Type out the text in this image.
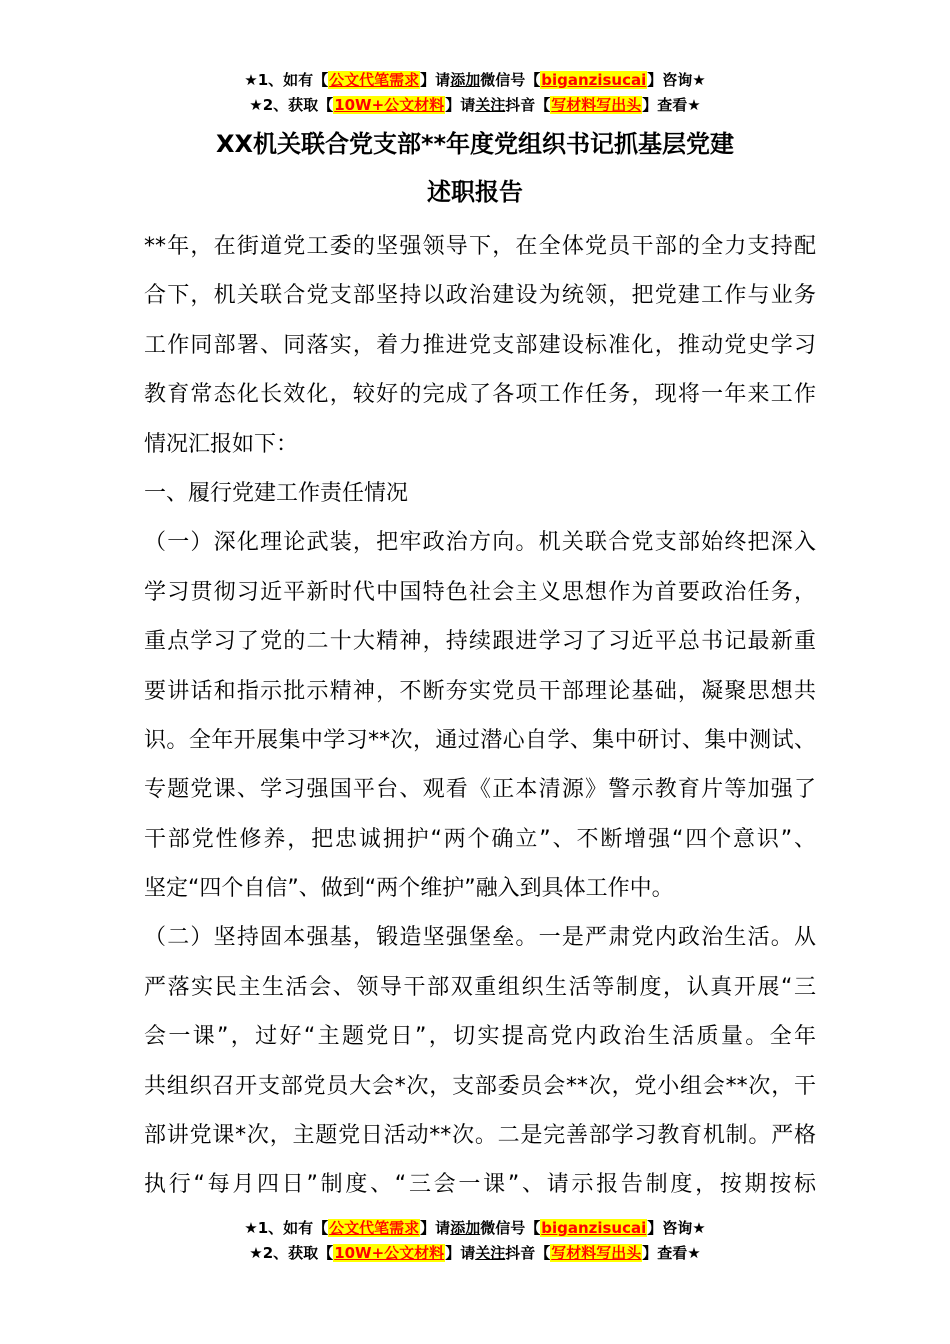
★1、如有【公文代笔需求】请添加微信号【biganzisucai】咨询★
★2、获取【10W+公文材料】请关注抖音【写材料写出头】查看★
XX机关联合党支部**年度党组织书记抓基层党建
述职报告
**年，在街道党工委的坚强领导下，在全体党员干部的全力支持配
合下，机关联合党支部坚持以政治建设为统领，把党建工作与业务
工作同部署、同落实，着力推进党支部建设标准化，推动党史学习
教育常态化长效化，较好的完成了各项工作任务，现将一年来工作
情况汇报如下：
一、履行党建工作责任情况
（一）深化理论武装，把牢政治方向。机关联合党支部始终把深入
学习贯彻习近平新时代中国特色社会主义思想作为首要政治任务，
重点学习了党的二十大精神，持续跟进学习了习近平总书记最新重
要讲话和指示批示精神，不断夯实党员干部理论基础，凝聚思想共
识。全年开展集中学习**次，通过潜心自学、集中研讨、集中测试、
专题党课、学习强国平台、观看《正本清源》警示教育片等加强了
干部党性修养，把忠诚拥护“两个确立”、不断增强“四个意识”、
坚定“四个自信”、做到“两个维护”融入到具体工作中。
（二）坚持固本强基，锻造坚强堡垒。一是严肃党内政治生活。从
严落实民主生活会、领导干部双重组织生活等制度，认真开展“三
会一课”，过好“主题党日”，切实提高党内政治生活质量。全年
共组织召开支部党员大会*次，支部委员会**次，党小组会**次，干
部讲党课*次，主题党日活动**次。二是完善部学习教育机制。严格
执行“每月四日”制度、“三会一课”、请示报告制度，按期按标
★1、如有【公文代笔需求】请添加微信号【biganzisucai】咨询★
★2、获取【10W+公文材料】请关注抖音【写材料写出头】查看★
